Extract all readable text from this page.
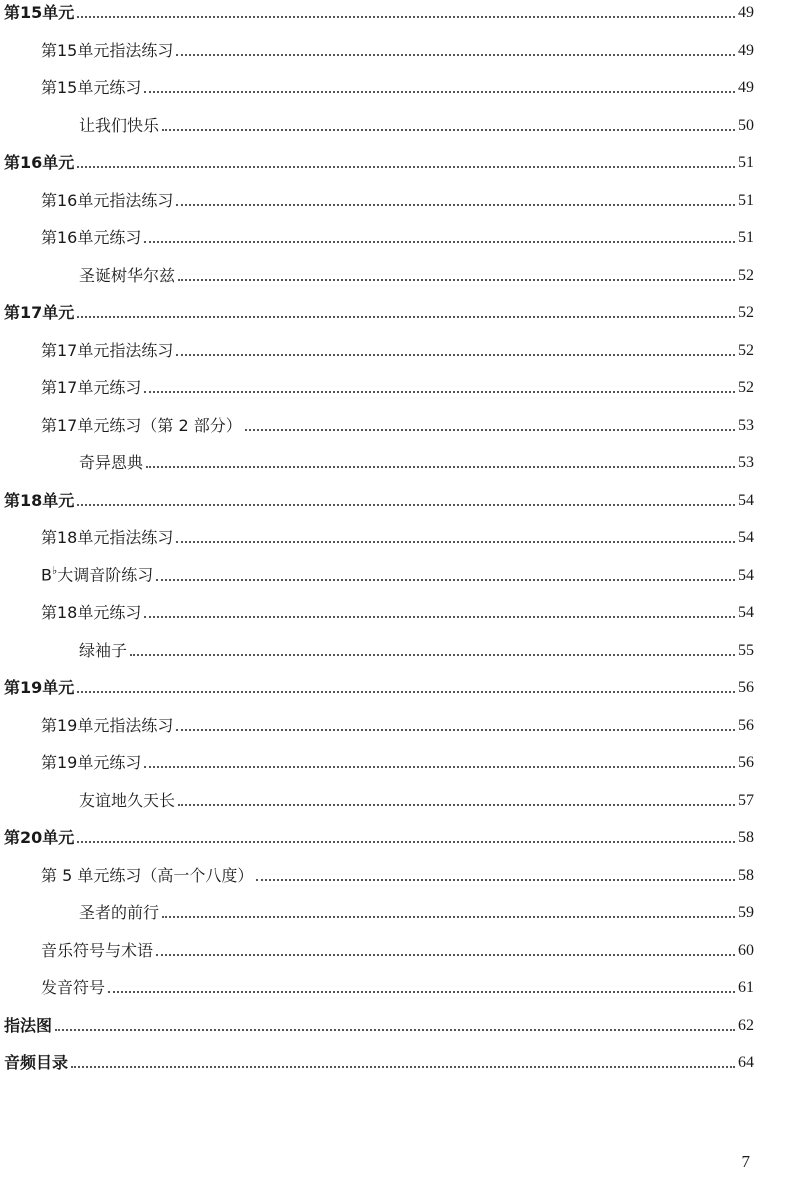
第15单元	49
第15单元指法练习	49
第15单元练习	49
让我们快乐	50
第16单元	51
第16单元指法练习	51
第16单元练习	51
圣诞树华尔兹	52
第17单元	52
第17单元指法练习	52
第17单元练习	52
第17单元练习（第 2 部分）	53
奇异恩典	53
第18单元	54
第18单元指法练习	54
B♭大调音阶练习	54
第18单元练习	54
绿袖子	55
第19单元	56
第19单元指法练习	56
第19单元练习	56
友谊地久天长	57
第20单元	58
第 5 单元练习（高一个八度）	58
圣者的前行	59
音乐符号与术语	60
发音符号	61
指法图	62
音频目录	64
7
